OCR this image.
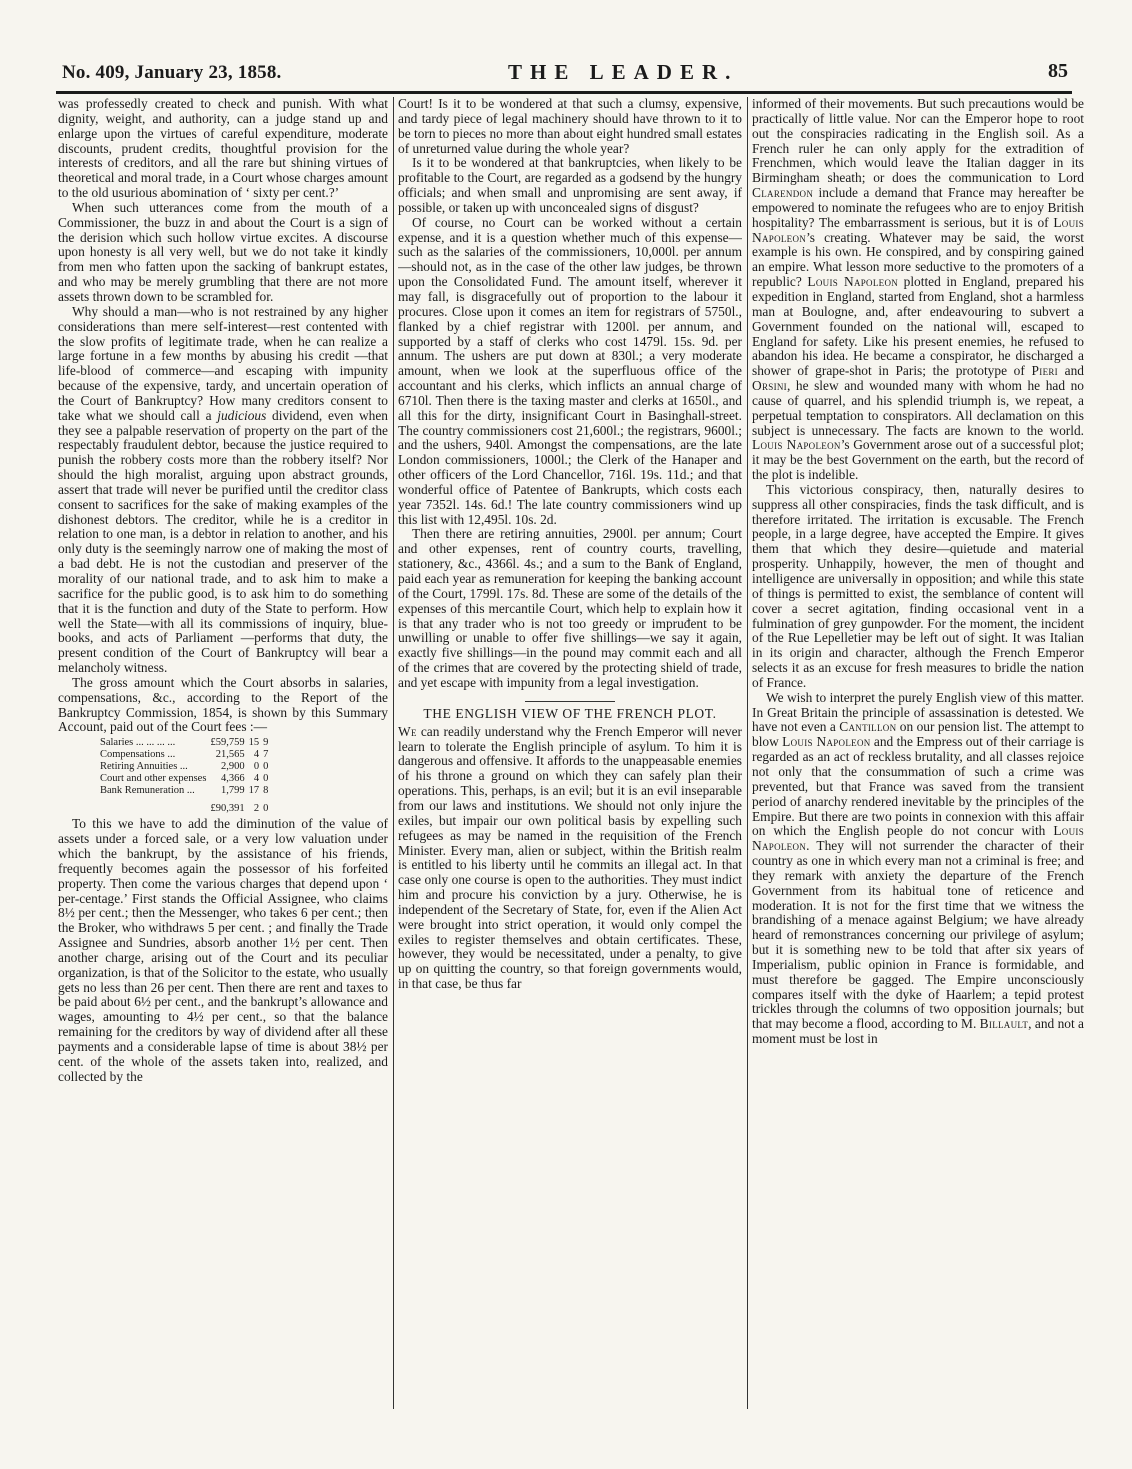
No. 409, January 23, 1858.	THE LEADER.	85

was professedly created to check and punish. With what dignity, weight, and authority, can a judge stand up and enlarge upon the virtues of careful expenditure, moderate discounts, prudent credits, thoughtful provision for the interests of creditors, and all the rare but shining virtues of theoretical and moral trade, in a Court whose charges amount to the old usurious abomination of ‘ sixty per cent.?’

When such utterances come from the mouth of a Commissioner, the buzz in and about the Court is a sign of the derision which such hollow virtue excites. A discourse upon honesty is all very well, but we do not take it kindly from men who fatten upon the sacking of bankrupt estates, and who may be merely grumbling that there are not more assets thrown down to be scrambled for.

Why should a man—who is not restrained by any higher considerations than mere self-interest—rest contented with the slow profits of legitimate trade, when he can realize a large fortune in a few months by abusing his credit —that life-blood of commerce—and escaping with impunity because of the expensive, tardy, and uncertain operation of the Court of Bankruptcy? How many creditors consent to take what we should call a judicious dividend, even when they see a palpable reservation of property on the part of the respectably fraudulent debtor, because the justice required to punish the robbery costs more than the robbery itself? Nor should the high moralist, arguing upon abstract grounds, assert that trade will never be purified until the creditor class consent to sacrifices for the sake of making examples of the dishonest debtors. The creditor, while he is a creditor in relation to one man, is a debtor in relation to another, and his only duty is the seemingly narrow one of making the most of a bad debt. He is not the custodian and preserver of the morality of our national trade, and to ask him to make a sacrifice for the public good, is to ask him to do something that it is the function and duty of the State to perform. How well the State—with all its commissions of inquiry, blue-books, and acts of Parliament —performs that duty, the present condition of the Court of Bankruptcy will bear a melancholy witness.

The gross amount which the Court absorbs in salaries, compensations, &c., according to the Report of the Bankruptcy Commission, 1854, is shown by this Summary Account, paid out of the Court fees :—

Salaries ... ... ... ...	£59,759	15	9
Compensations ...	21,565	4	7
Retiring Annuities ...	2,900	0	0
Court and other expenses	4,366	4	0
Bank Remuneration ...	1,799	17	8
	£90,391	2	0

To this we have to add the diminution of the value of assets under a forced sale, or a very low valuation under which the bankrupt, by the assistance of his friends, frequently becomes again the possessor of his forfeited property. Then come the various charges that depend upon ‘ per-centage.’ First stands the Official Assignee, who claims 8½ per cent.; then the Messenger, who takes 6 per cent.; then the Broker, who withdraws 5 per cent. ; and finally the Trade Assignee and Sundries, absorb another 1½ per cent. Then another charge, arising out of the Court and its peculiar organization, is that of the Solicitor to the estate, who usually gets no less than 26 per cent. Then there are rent and taxes to be paid about 6½ per cent., and the bankrupt’s allowance and wages, amounting to 4½ per cent., so that the balance remaining for the creditors by way of dividend after all these payments and a considerable lapse of time is about 38½ per cent. of the whole of the assets taken into, realized, and collected by the

Court! Is it to be wondered at that such a clumsy, expensive, and tardy piece of legal machinery should have thrown to it to be torn to pieces no more than about eight hundred small estates of unreturned value during the whole year?

Is it to be wondered at that bankruptcies, when likely to be profitable to the Court, are regarded as a godsend by the hungry officials; and when small and unpromising are sent away, if possible, or taken up with unconcealed signs of disgust?

Of course, no Court can be worked without a certain expense, and it is a question whether much of this expense—such as the salaries of the commissioners, 10,000l. per annum—should not, as in the case of the other law judges, be thrown upon the Consolidated Fund. The amount itself, wherever it may fall, is disgracefully out of proportion to the labour it procures. Close upon it comes an item for registrars of 5750l., flanked by a chief registrar with 1200l. per annum, and supported by a staff of clerks who cost 1479l. 15s. 9d. per annum. The ushers are put down at 830l.; a very moderate amount, when we look at the superfluous office of the accountant and his clerks, which inflicts an annual charge of 6710l. Then there is the taxing master and clerks at 1650l., and all this for the dirty, insignificant Court in Basinghall-street. The country commissioners cost 21,600l.; the registrars, 9600l.; and the ushers, 940l. Amongst the compensations, are the late London commissioners, 1000l.; the Clerk of the Hanaper and other officers of the Lord Chancellor, 716l. 19s. 11d.; and that wonderful office of Patentee of Bankrupts, which costs each year 7352l. 14s. 6d.! The late country commissioners wind up this list with 12,495l. 10s. 2d.

Then there are retiring annuities, 2900l. per annum; Court and other expenses, rent of country courts, travelling, stationery, &c., 4366l. 4s.; and a sum to the Bank of England, paid each year as remuneration for keeping the banking account of the Court, 1799l. 17s. 8d. These are some of the details of the expenses of this mercantile Court, which help to explain how it is that any trader who is not too greedy or impruđent to be unwilling or unable to offer five shillings—we say it again, exactly five shillings—in the pound may commit each and all of the crimes that are covered by the protecting shield of trade, and yet escape with impunity from a legal investigation.

THE ENGLISH VIEW OF THE FRENCH PLOT.

We can readily understand why the French Emperor will never learn to tolerate the English principle of asylum. To him it is dangerous and offensive. It affords to the unappeasable enemies of his throne a ground on which they can safely plan their operations. This, perhaps, is an evil; but it is an evil inseparable from our laws and institutions. We should not only injure the exiles, but impair our own political basis by expelling such refugees as may be named in the requisition of the French Minister. Every man, alien or subject, within the British realm is entitled to his liberty until he commits an illegal act. In that case only one course is open to the authorities. They must indict him and procure his conviction by a jury. Otherwise, he is independent of the Secretary of State, for, even if the Alien Act were brought into strict operation, it would only compel the exiles to register themselves and obtain certificates. These, however, they would be necessitated, under a penalty, to give up on quitting the country, so that foreign governments would, in that case, be thus far

informed of their movements. But such precautions would be practically of little value. Nor can the Emperor hope to root out the conspiracies radicating in the English soil. As a French ruler he can only apply for the extradition of Frenchmen, which would leave the Italian dagger in its Birmingham sheath; or does the communication to Lord Clarendon include a demand that France may hereafter be empowered to nominate the refugees who are to enjoy British hospitality? The embarrassment is serious, but it is of Louis Napoleon’s creating. Whatever may be said, the worst example is his own. He conspired, and by conspiring gained an empire. What lesson more seductive to the promoters of a republic? Louis Napoleon plotted in England, prepared his expedition in England, started from England, shot a harmless man at Boulogne, and, after endeavouring to subvert a Government founded on the national will, escaped to England for safety. Like his present enemies, he refused to abandon his idea. He became a conspirator, he discharged a shower of grape-shot in Paris; the prototype of Pieri and Orsini, he slew and wounded many with whom he had no cause of quarrel, and his splendid triumph is, we repeat, a perpetual temptation to conspirators. All declamation on this subject is unnecessary. The facts are known to the world. Louis Napoleon’s Government arose out of a successful plot; it may be the best Government on the earth, but the record of the plot is indelible.

This victorious conspiracy, then, naturally desires to suppress all other conspiracies, finds the task difficult, and is therefore irritated. The irritation is excusable. The French people, in a large degree, have accepted the Empire. It gives them that which they desire—quietude and material prosperity. Unhappily, however, the men of thought and intelligence are universally in opposition; and while this state of things is permitted to exist, the semblance of content will cover a secret agitation, finding occasional vent in a fulmination of grey gunpowder. For the moment, the incident of the Rue Lepelletier may be left out of sight. It was Italian in its origin and character, although the French Emperor selects it as an excuse for fresh measures to bridle the nation of France.

We wish to interpret the purely English view of this matter. In Great Britain the principle of assassination is detested. We have not even a Cantillon on our pension list. The attempt to blow Louis Napoleon and the Empress out of their carriage is regarded as an act of reckless brutality, and all classes rejoice not only that the consummation of such a crime was prevented, but that France was saved from the transient period of anarchy rendered inevitable by the principles of the Empire. But there are two points in connexion with this affair on which the English people do not concur with Louis Napoleon. They will not surrender the character of their country as one in which every man not a criminal is free; and they remark with anxiety the departure of the French Government from its habitual tone of reticence and moderation. It is not for the first time that we witness the brandishing of a menace against Belgium; we have already heard of remonstrances concerning our privilege of asylum; but it is something new to be told that after six years of Imperialism, public opinion in France is formidable, and must therefore be gagged. The Empire unconsciously compares itself with the dyke of Haarlem; a tepid protest trickles through the columns of two opposition journals; but that may become a flood, according to M. Billault, and not a moment must be lost in
